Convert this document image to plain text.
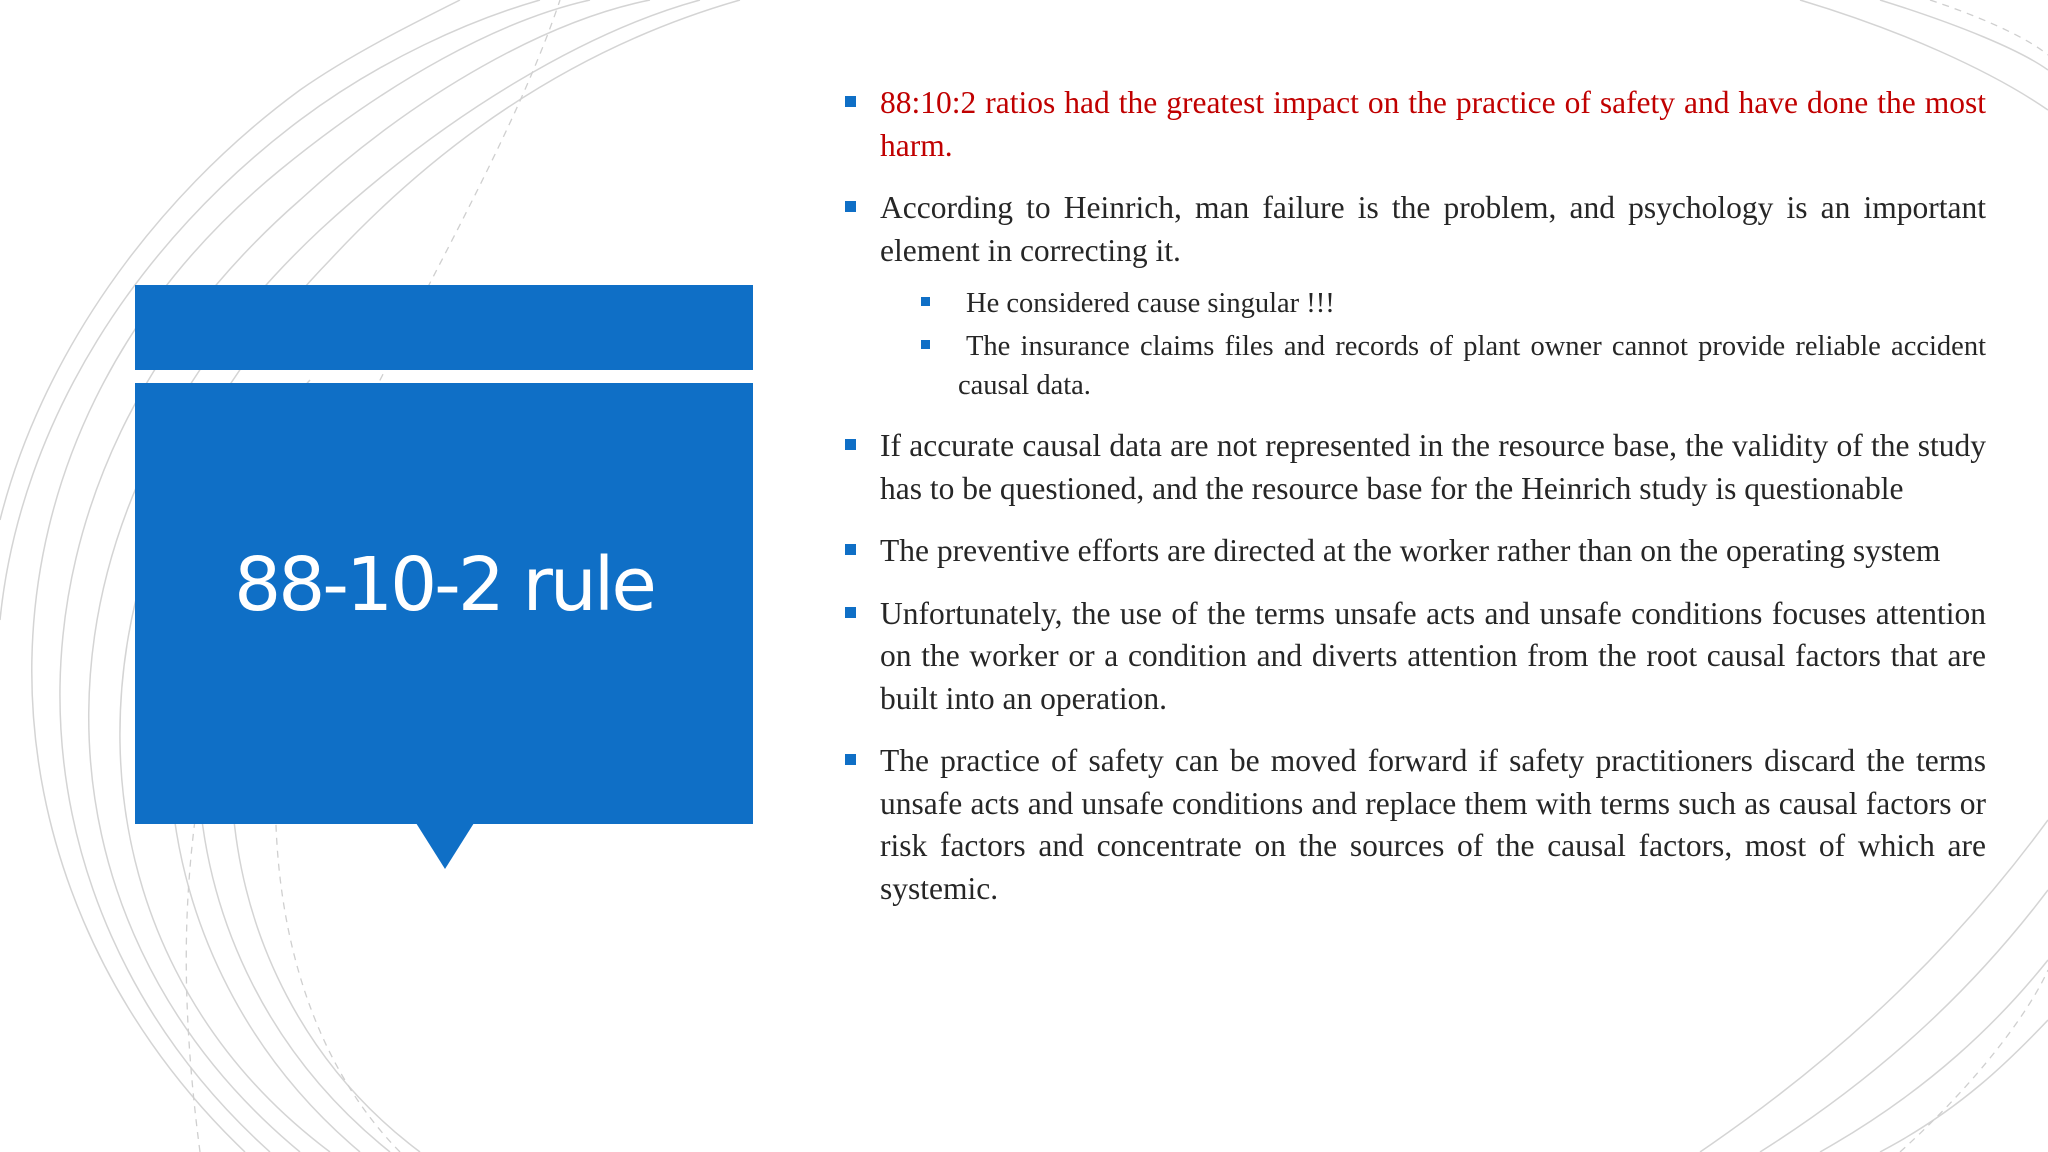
88-10-2 rule
88:10:2 ratios had the greatest impact on the practice of safety and have done the most harm.
According to Heinrich, man failure is the problem, and psychology is an important element in correcting it.
He considered cause singular !!!
The insurance claims files and records of plant owner cannot provide reliable accident causal data.
If accurate causal data are not represented in the resource base, the validity of the study has to be questioned, and the resource base for the Heinrich study is questionable
The preventive efforts are directed at the worker rather than on the operating system
Unfortunately, the use of the terms unsafe acts and unsafe conditions focuses attention on the worker or a condition and diverts attention from the root causal factors that are built into an operation.
The practice of safety can be moved forward if safety practitioners discard the terms unsafe acts and unsafe conditions and replace them with terms such as causal factors or risk factors and concentrate on the sources of the causal factors, most of which are systemic.
